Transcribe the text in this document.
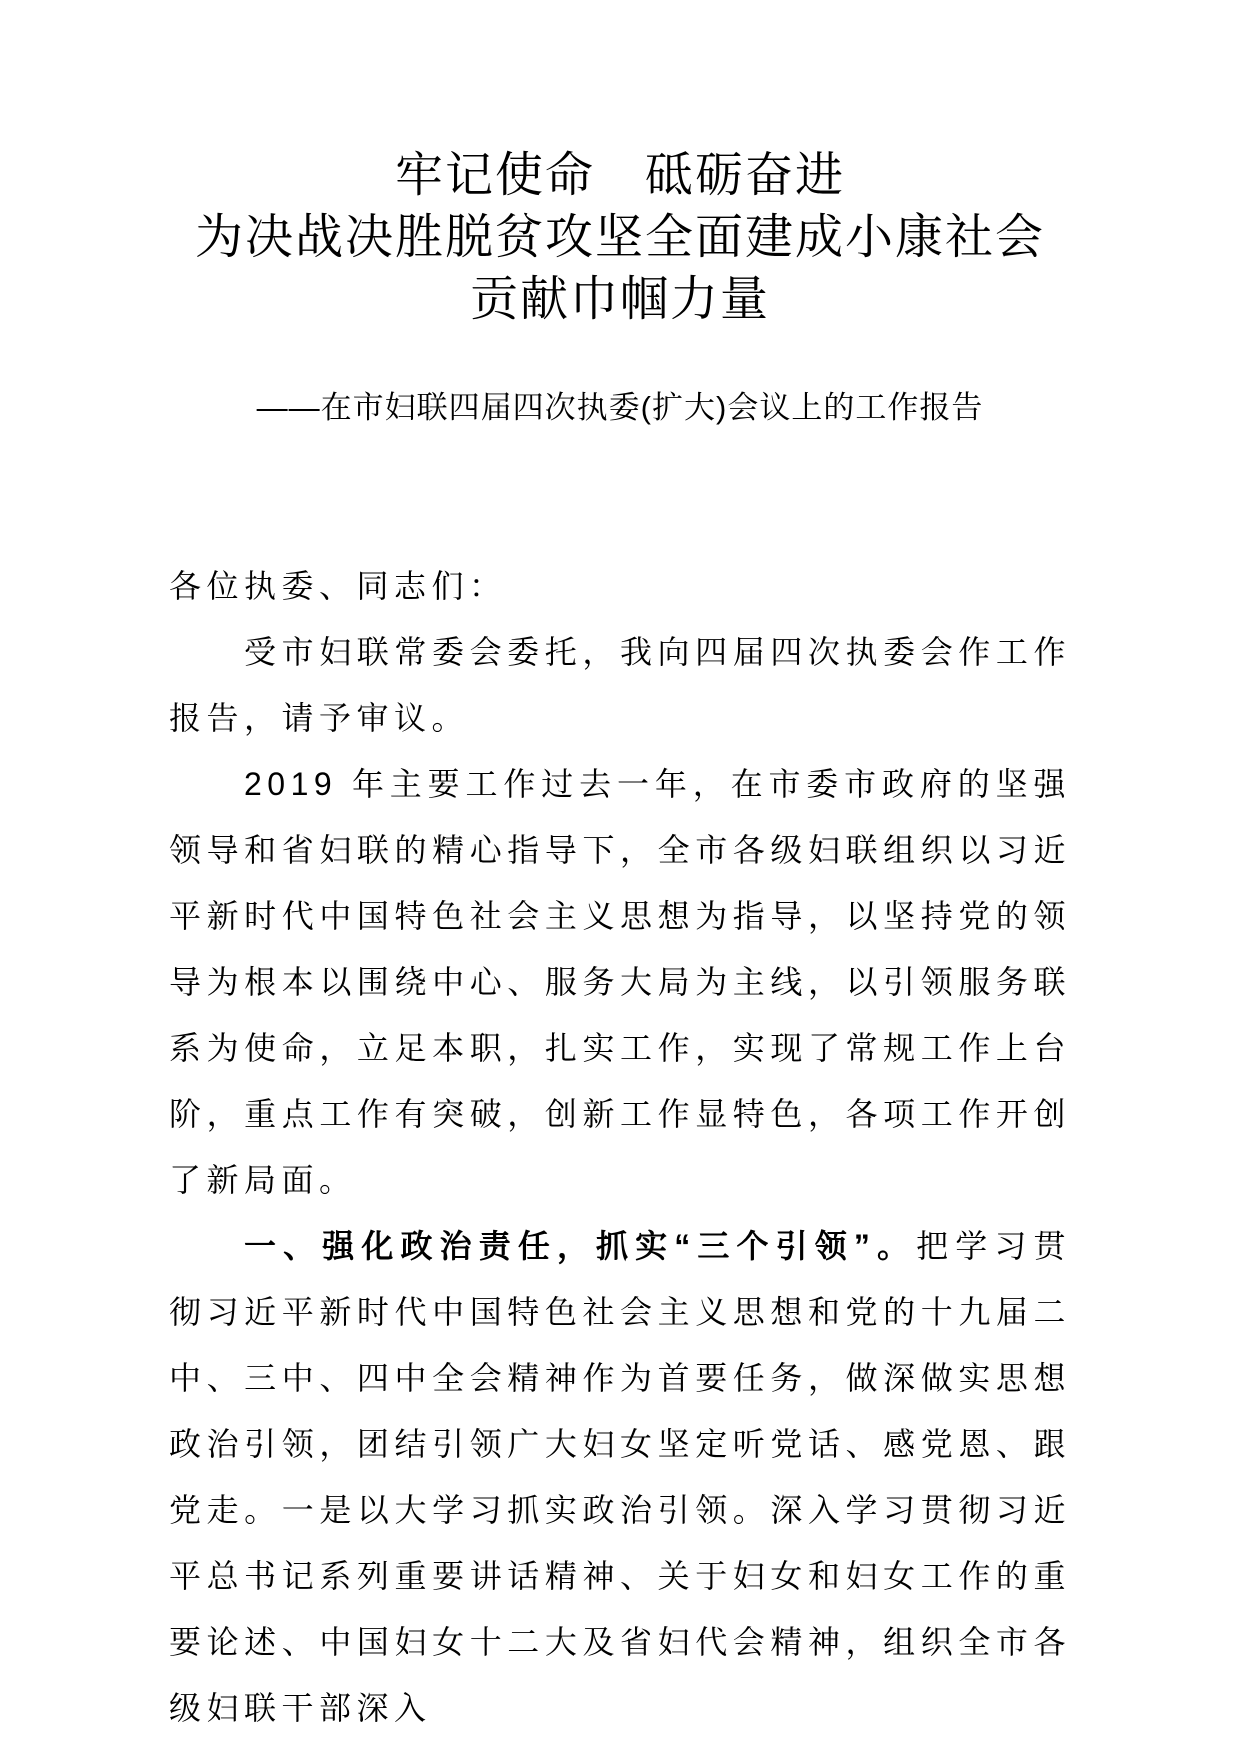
牢记使命　砥砺奋进
为决战决胜脱贫攻坚全面建成小康社会
贡献巾帼力量
——在市妇联四届四次执委(扩大)会议上的工作报告

各位执委、同志们：

受市妇联常委会委托，我向四届四次执委会作工作报告，请予审议。

2019 年主要工作过去一年，在市委市政府的坚强领导和省妇联的精心指导下，全市各级妇联组织以习近平新时代中国特色社会主义思想为指导，以坚持党的领导为根本以围绕中心、服务大局为主线，以引领服务联系为使命，立足本职，扎实工作，实现了常规工作上台阶，重点工作有突破，创新工作显特色，各项工作开创了新局面。

一、强化政治责任，抓实“三个引领”。把学习贯彻习近平新时代中国特色社会主义思想和党的十九届二中、三中、四中全会精神作为首要任务，做深做实思想政治引领，团结引领广大妇女坚定听党话、感党恩、跟党走。一是以大学习抓实政治引领。深入学习贯彻习近平总书记系列重要讲话精神、关于妇女和妇女工作的重要论述、中国妇女十二大及省妇代会精神，组织全市各级妇联干部深入
